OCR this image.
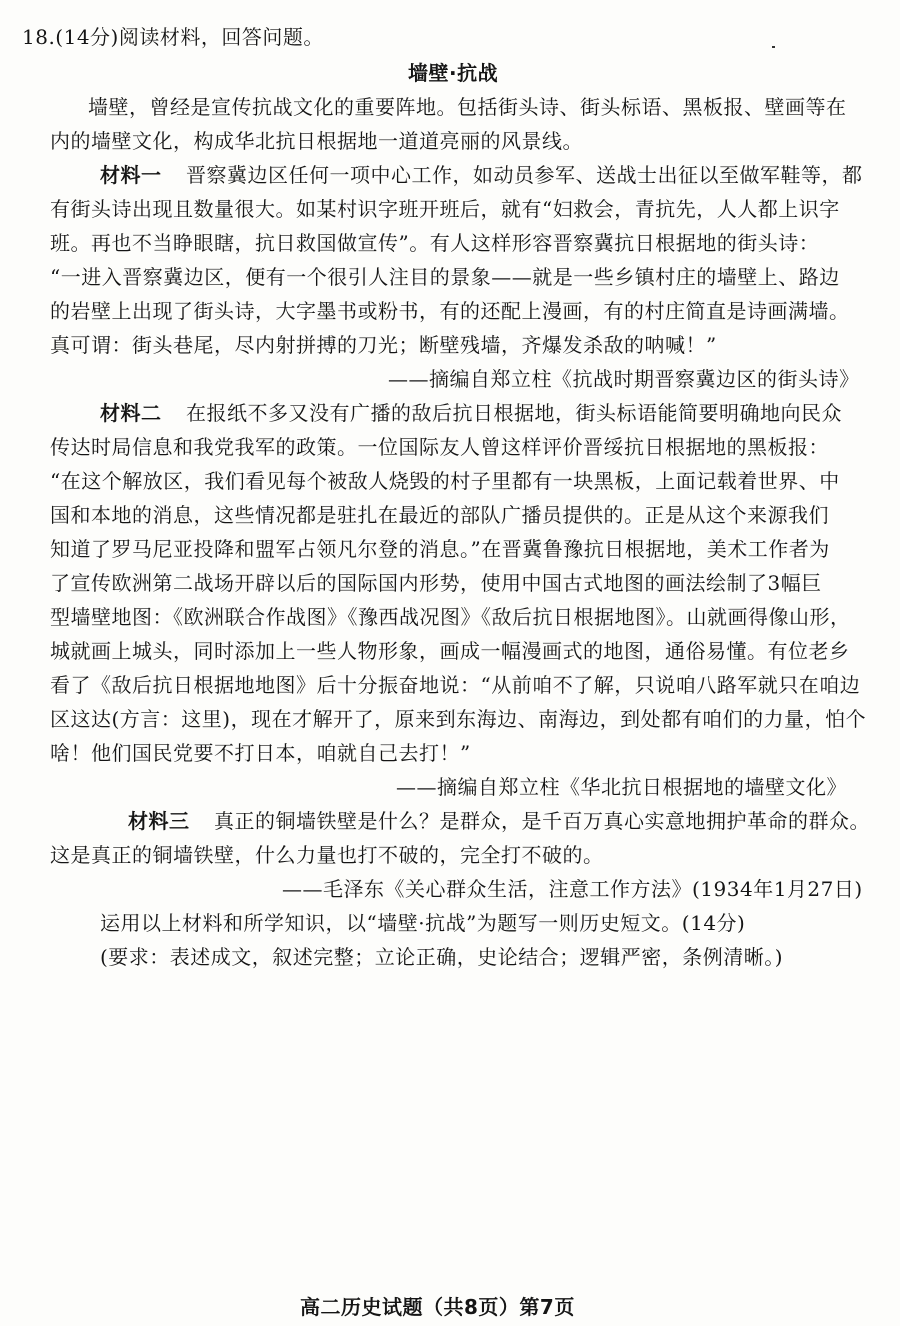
18.(14分)阅读材料，回答问题。
墙壁·抗战
墙壁，曾经是宣传抗战文化的重要阵地。包括街头诗、街头标语、黑板报、壁画等在
内的墙壁文化，构成华北抗日根据地一道道亮丽的风景线。
材料一 晋察冀边区任何一项中心工作，如动员参军、送战士出征以至做军鞋等，都
有街头诗出现且数量很大。如某村识字班开班后，就有“妇救会，青抗先，人人都上识字
班。再也不当睁眼瞎，抗日救国做宣传”。有人这样形容晋察冀抗日根据地的街头诗：
“一进入晋察冀边区，便有一个很引人注目的景象——就是一些乡镇村庄的墙壁上、路边
的岩壁上出现了街头诗，大字墨书或粉书，有的还配上漫画，有的村庄简直是诗画满墙。
真可谓：街头巷尾，尽内射拼搏的刀光；断壁残墙，齐爆发杀敌的呐喊！”
——摘编自郑立柱《抗战时期晋察冀边区的街头诗》
材料二 在报纸不多又没有广播的敌后抗日根据地，街头标语能简要明确地向民众
传达时局信息和我党我军的政策。一位国际友人曾这样评价晋绥抗日根据地的黑板报：
“在这个解放区，我们看见每个被敌人烧毁的村子里都有一块黑板，上面记载着世界、中
国和本地的消息，这些情况都是驻扎在最近的部队广播员提供的。正是从这个来源我们
知道了罗马尼亚投降和盟军占领凡尔登的消息。”在晋冀鲁豫抗日根据地，美术工作者为
了宣传欧洲第二战场开辟以后的国际国内形势，使用中国古式地图的画法绘制了3幅巨
型墙壁地图：《欧洲联合作战图》《豫西战况图》《敌后抗日根据地图》。山就画得像山形，
城就画上城头，同时添加上一些人物形象，画成一幅漫画式的地图，通俗易懂。有位老乡
看了《敌后抗日根据地地图》后十分振奋地说：“从前咱不了解，只说咱八路军就只在咱边
区这达(方言：这里)，现在才解开了，原来到东海边、南海边，到处都有咱们的力量，怕个
啥！他们国民党要不打日本，咱就自己去打！”
——摘编自郑立柱《华北抗日根据地的墙壁文化》
材料三 真正的铜墙铁壁是什么？是群众，是千百万真心实意地拥护革命的群众。
这是真正的铜墙铁壁，什么力量也打不破的，完全打不破的。
——毛泽东《关心群众生活，注意工作方法》(1934年1月27日)
运用以上材料和所学知识，以“墙壁·抗战”为题写一则历史短文。(14分)
(要求：表述成文，叙述完整；立论正确，史论结合；逻辑严密，条例清晰。)
高二历史试题（共8页）第7页
